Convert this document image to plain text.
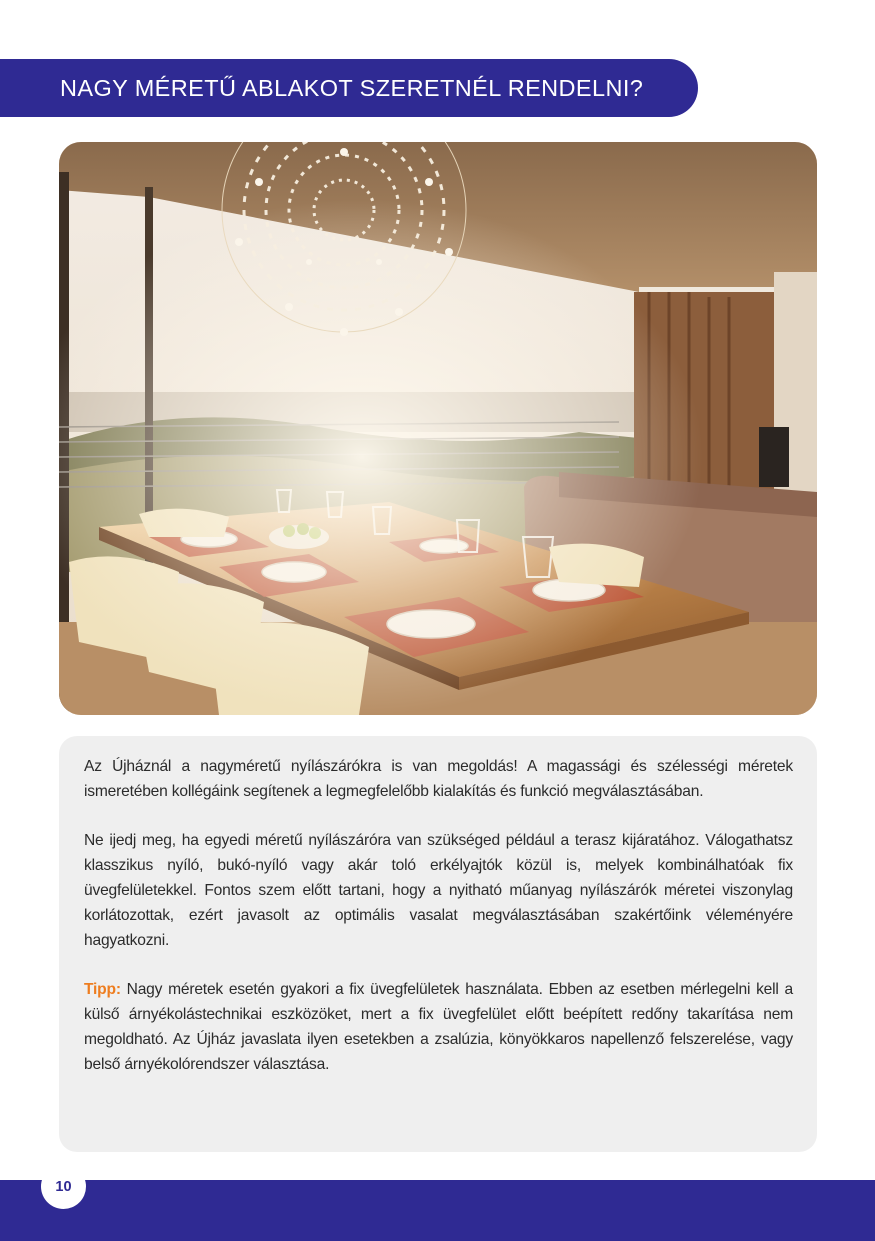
NAGY MÉRETŰ ABLAKOT SZERETNÉL RENDELNI?

Az Újháznál a nagyméretű nyílászárókra is van megoldás! A magassági és szélességi méretek ismeretében kollégáink segítenek a legmegfelelőbb kialakítás és funkció megválasztásában.

Ne ijedj meg, ha egyedi méretű nyílászáróra van szükséged például a terasz kijáratához. Válogathatsz klasszikus nyíló, bukó-nyíló vagy akár toló erkélyajtók közül is, melyek kombinálhatóak fix üvegfelületekkel. Fontos szem előtt tartani, hogy a nyitható műanyag nyílászárók méretei viszonylag korlátozottak, ezért javasolt az optimális vasalat megválasztásában szakértőink véleményére hagyatkozni.

Tipp: Nagy méretek esetén gyakori a fix üvegfelületek használata. Ebben az esetben mérlegelni kell a külső árnyékolástechnikai eszközöket, mert a fix üvegfelület előtt beépített redőny takarítása nem megoldható. Az Újház javaslata ilyen esetekben a zsalúzia, könyökkaros napellenző felszerelése, vagy belső árnyékolórendszer választása.

10
